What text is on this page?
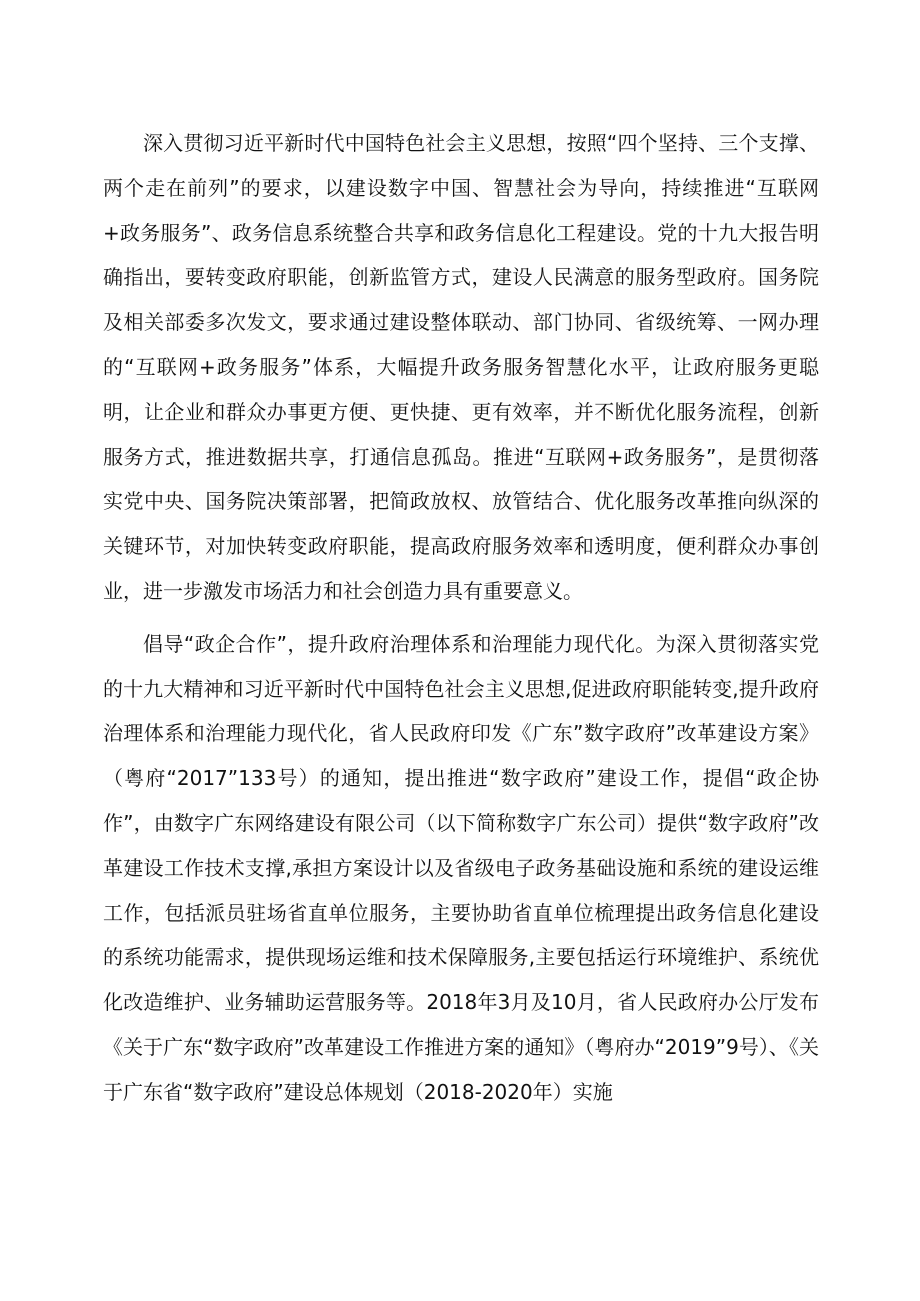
深入贯彻习近平新时代中国特色社会主义思想，按照“四个坚持、三个支撑、两个走在前列”的要求，以建设数字中国、智慧社会为导向，持续推进“互联网+政务服务”、政务信息系统整合共享和政务信息化工程建设。党的十九大报告明确指出，要转变政府职能，创新监管方式，建设人民满意的服务型政府。国务院及相关部委多次发文，要求通过建设整体联动、部门协同、省级统筹、一网办理的“互联网+政务服务”体系，大幅提升政务服务智慧化水平，让政府服务更聪明，让企业和群众办事更方便、更快捷、更有效率，并不断优化服务流程，创新服务方式，推进数据共享，打通信息孤岛。推进“互联网+政务服务”，是贯彻落实党中央、国务院决策部署，把简政放权、放管结合、优化服务改革推向纵深的关键环节，对加快转变政府职能，提高政府服务效率和透明度，便利群众办事创业，进一步激发市场活力和社会创造力具有重要意义。

倡导“政企合作”，提升政府治理体系和治理能力现代化。为深入贯彻落实党的十九大精神和习近平新时代中国特色社会主义思想,促进政府职能转变,提升政府治理体系和治理能力现代化，省人民政府印发《广东”数字政府”改革建设方案》（粤府“2017”133号）的通知，提出推进“数字政府”建设工作，提倡“政企协作”，由数字广东网络建设有限公司（以下简称数字广东公司）提供“数字政府”改革建设工作技术支撑,承担方案设计以及省级电子政务基础设施和系统的建设运维工作，包括派员驻场省直单位服务，主要协助省直单位梳理提出政务信息化建设的系统功能需求，提供现场运维和技术保障服务,主要包括运行环境维护、系统优化改造维护、业务辅助运营服务等。2018年3月及10月，省人民政府办公厅发布《关于广东“数字政府”改革建设工作推进方案的通知》（粤府办“2019”9号）、《关于广东省“数字政府”建设总体规划（2018-2020年）实施
